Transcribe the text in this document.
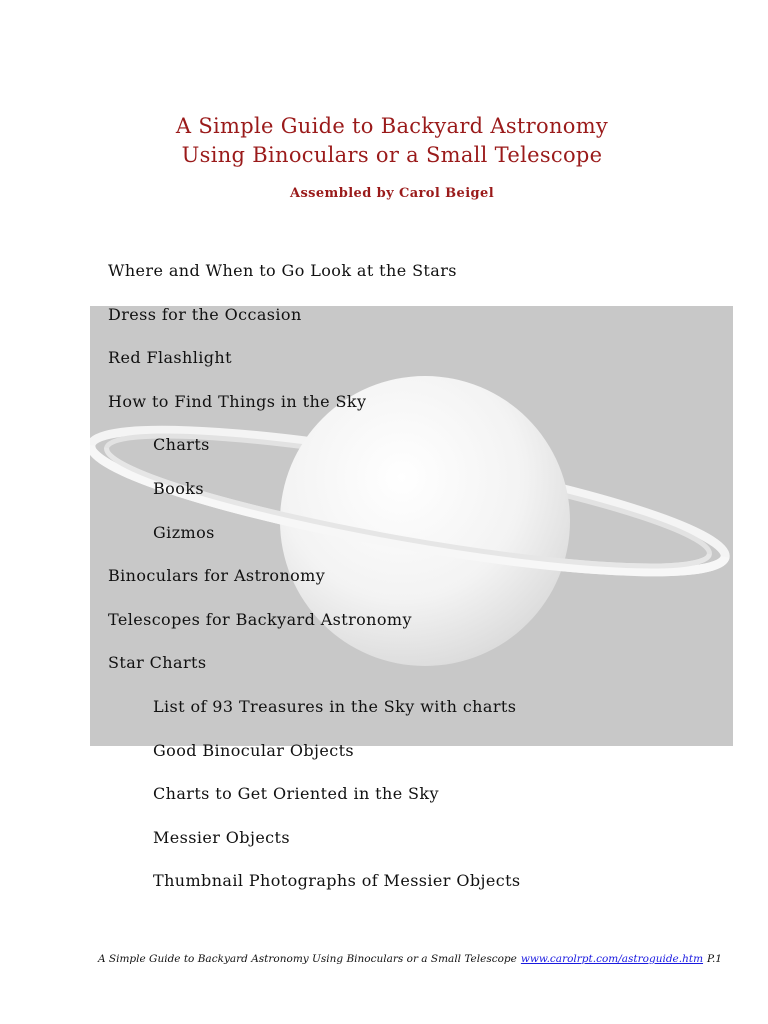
A Simple Guide to Backyard Astronomy
Using Binoculars or a Small Telescope
Assembled by Carol Beigel
Where and When to Go Look at the Stars
Dress for the Occasion
Red Flashlight
How to Find Things in the Sky
Charts
Books
Gizmos
Binoculars for Astronomy
Telescopes for Backyard Astronomy
Star Charts
List of 93 Treasures in the Sky with charts
Good Binocular Objects
Charts to Get Oriented in the Sky
Messier Objects
Thumbnail Photographs of Messier Objects
A Simple Guide to Backyard Astronomy Using Binoculars or a Small Telescope www.carolrpt.com/astroguide.htm P.1
